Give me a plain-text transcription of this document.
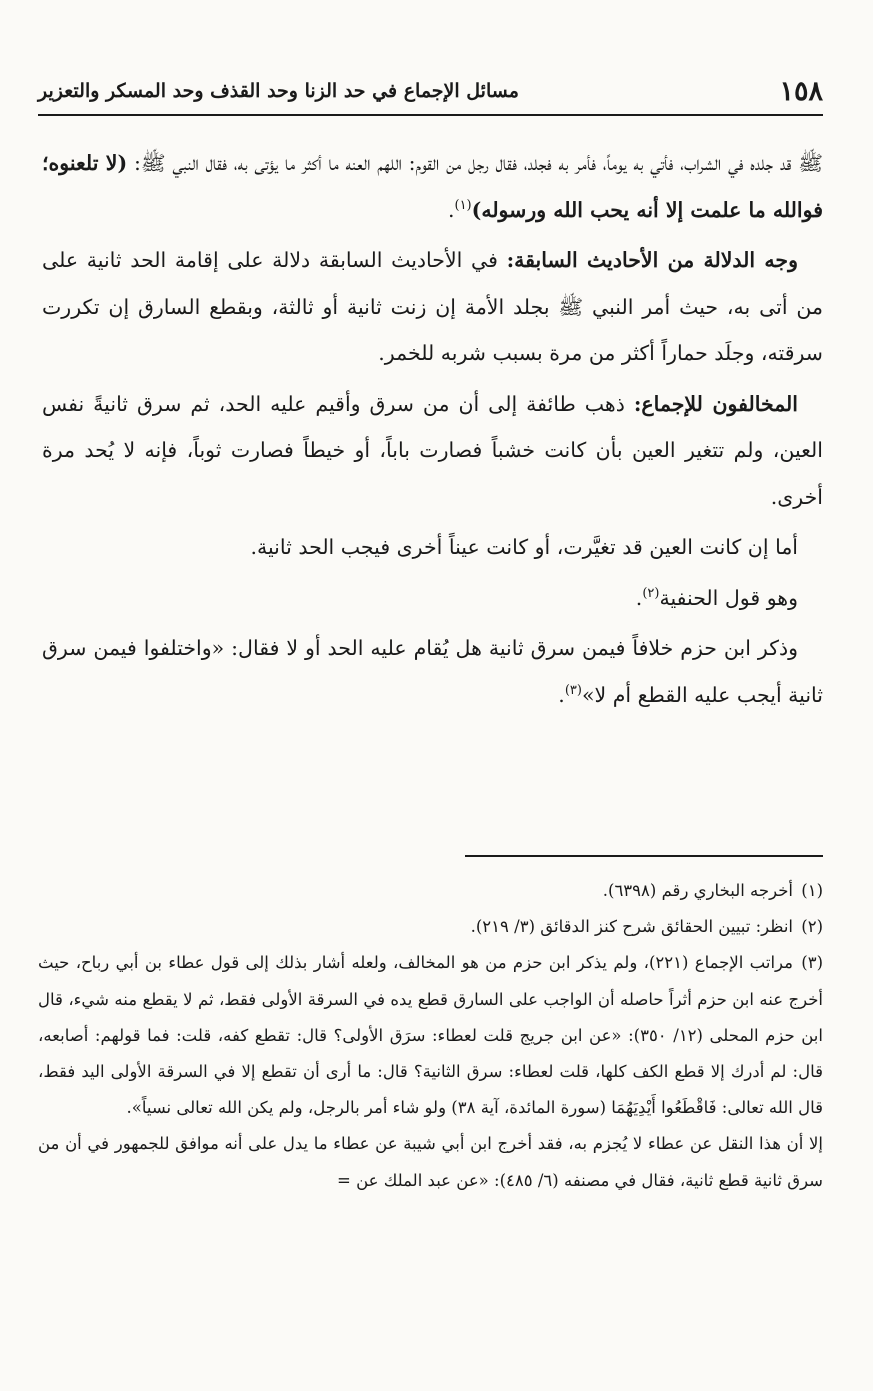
١٥٨
مسائل الإجماع في حد الزنا وحد القذف وحد المسكر والتعزير

ﷺ قد جلده في الشراب، فأتي به يوماً، فأمر به فجلد، فقال رجل من القوم: اللهم العنه ما أكثر ما يؤتى به، فقال النبي ﷺ: (لا تلعنوه؛ فوالله ما علمت إلا أنه يحب الله ورسوله)$^{(١)}$.

وجه الدلالة من الأحاديث السابقة: في الأحاديث السابقة دلالة على إقامة الحد ثانية على من أتى به، حيث أمر النبي ﷺ بجلد الأمة إن زنت ثانية أو ثالثة، وبقطع السارق إن تكررت سرقته، وجلَد حماراً أكثر من مرة بسبب شربه للخمر.

المخالفون للإجماع: ذهب طائفة إلى أن من سرق وأقيم عليه الحد، ثم سرق ثانيةً نفس العين، ولم تتغير العين بأن كانت خشباً فصارت باباً، أو خيطاً فصارت ثوباً، فإنه لا يُحد مرة أخرى.

أما إن كانت العين قد تغيَّرت، أو كانت عيناً أخرى فيجب الحد ثانية.

وهو قول الحنفية$^{(٢)}$.

وذكر ابن حزم خلافاً فيمن سرق ثانية هل يُقام عليه الحد أو لا فقال: «واختلفوا فيمن سرق ثانية أيجب عليه القطع أم لا»$^{(٣)}$.

(١)أخرجه البخاري رقم (٦٣٩٨).

(٢)انظر: تبيين الحقائق شرح كنز الدقائق (٣/ ٢١٩).

(٣)مراتب الإجماع (٢٢١)، ولم يذكر ابن حزم من هو المخالف، ولعله أشار بذلك إلى قول عطاء بن أبي رباح، حيث أخرج عنه ابن حزم أثراً حاصله أن الواجب على السارق قطع يده في السرقة الأولى فقط، ثم لا يقطع منه شيء، قال ابن حزم المحلى (١٢/ ٣٥٠): «عن ابن جريج قلت لعطاء: سرَق الأولى؟ قال: تقطع كفه، قلت: فما قولهم: أصابعه، قال: لم أدرك إلا قطع الكف كلها، قلت لعطاء: سرق الثانية؟ قال: ما أرى أن تقطع إلا في السرقة الأولى اليد فقط، قال الله تعالى: فَاقْطَعُوا أَيْدِيَهُمَا (سورة المائدة، آية ٣٨) ولو شاء أمر بالرجل، ولم يكن الله تعالى نسياً».

إلا أن هذا النقل عن عطاء لا يُجزم به، فقد أخرج ابن أبي شيبة عن عطاء ما يدل على أنه موافق للجمهور في أن من سرق ثانية قطع ثانية، فقال في مصنفه (٦/ ٤٨٥): «عن عبد الملك عن =
